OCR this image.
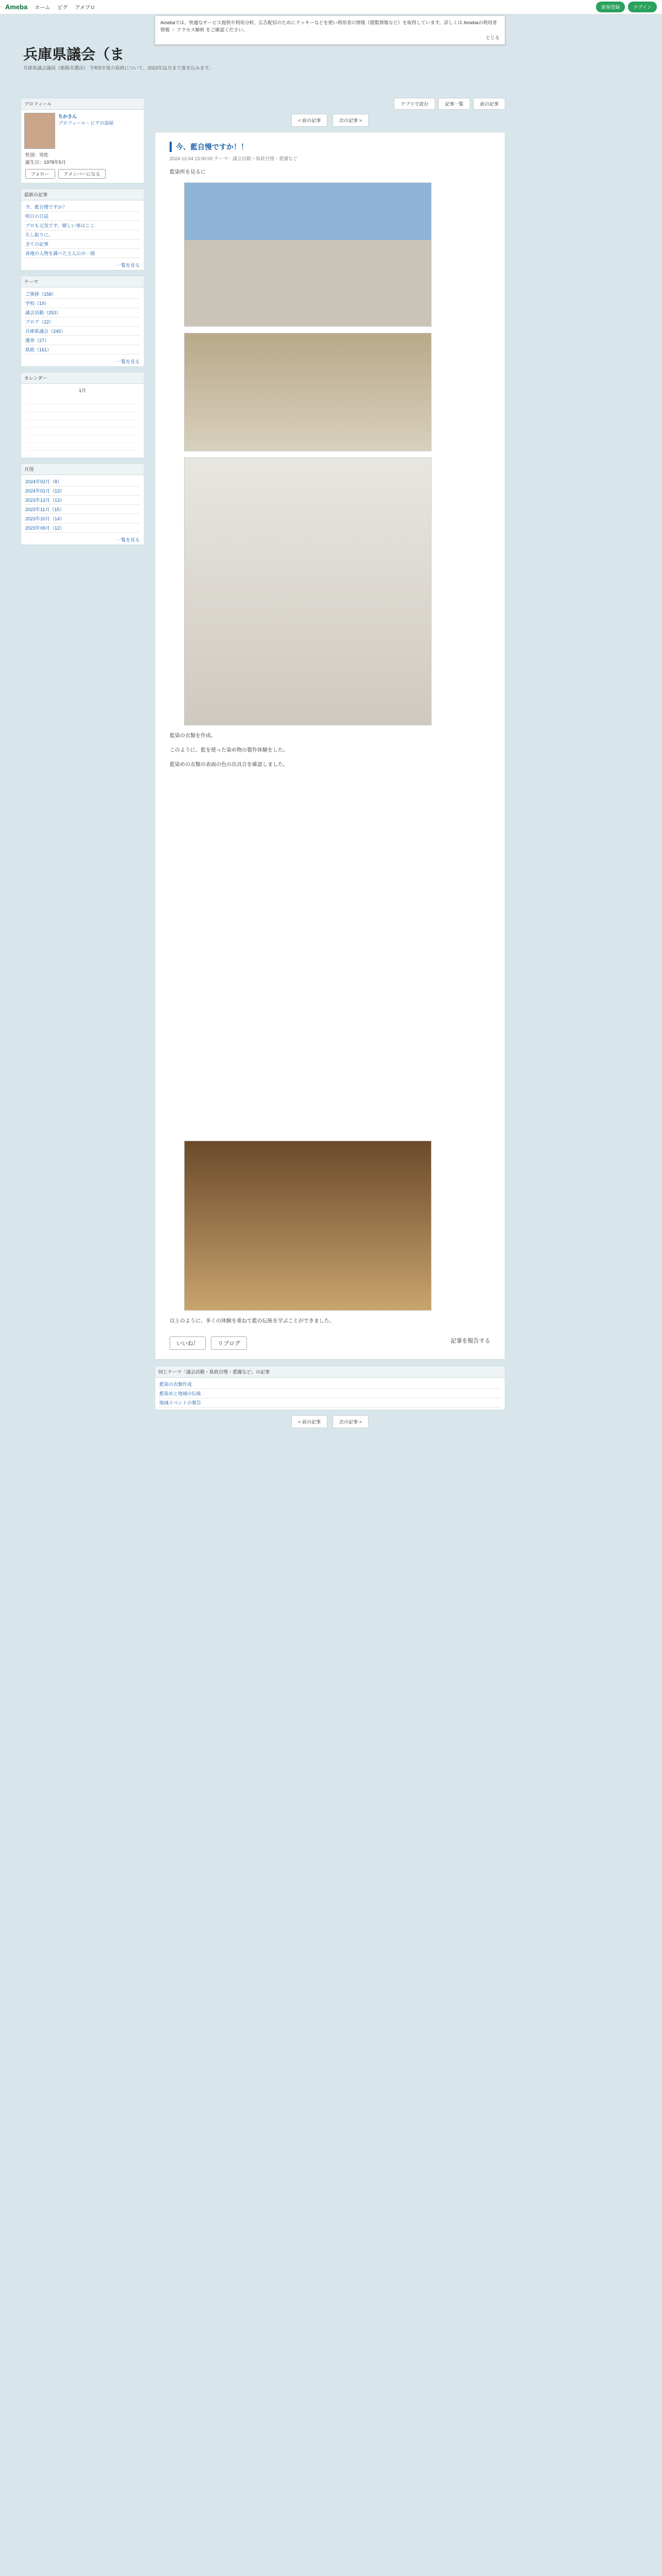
Ameba ホーム ピグ アメブロ	新規登録	ログイン
Amebaでは、快適なサービス提供や利用分析、広告配信のためにクッキーなどを使い利用者の情報（閲覧情報など）を取得しています。詳しくは Amebaの利用者情報 ・ アクセス解析 をご確認ください。
とじる
兵庫県議会（ま
兵庫県議会議員（姫路市選出） 令和5年度の県政について、2023年11月まで書き込みます。
プロフィール
ちかさん
プロフィール・ピグの部屋
性別：男性
誕生日：1978年5月
フォロー	アメンバーになる
最新の記事
令、藍自慢ですか？
明日の日誌
ブロも元気です、嬉しい事はここ
久し振りに。
全ての記事
各地の人物を調べた主人公の一冊
一覧を見る
テーマ
ご挨拶（158）
学校（19）
議会活動（253）
ブログ（22）
兵庫県議会（245）
選挙（27）
県政（161）
一覧を見る
カレンダー
1月
月別
2024年02月（8）
2024年01月（13）
2023年12月（13）
2023年11月（15）
2023年10月（14）
2023年09月（12）
一覧を見る
アプリで読む	記事一覧	前の記事
< 前の記事	次の記事 >
今、藍自慢ですか！！
2024-12-04 13:00:00 テーマ：議会活動・県政自慢・愛護など

藍染所を見るに

藍染の衣類を作成。

このように、藍を使った染め物の製作体験をした。

藍染めの衣類の表面の色の出具合を確認しました。

以上のように、多くの体験を重ねて藍の伝統を学ぶことができました。

いいね！	リブログ	記事を報告する
同じテーマ「議会活動・県政自慢・愛護など」の記事
藍染の衣類作成
藍染めと地域の伝統
地域イベントの報告
< 前の記事	次の記事 >
